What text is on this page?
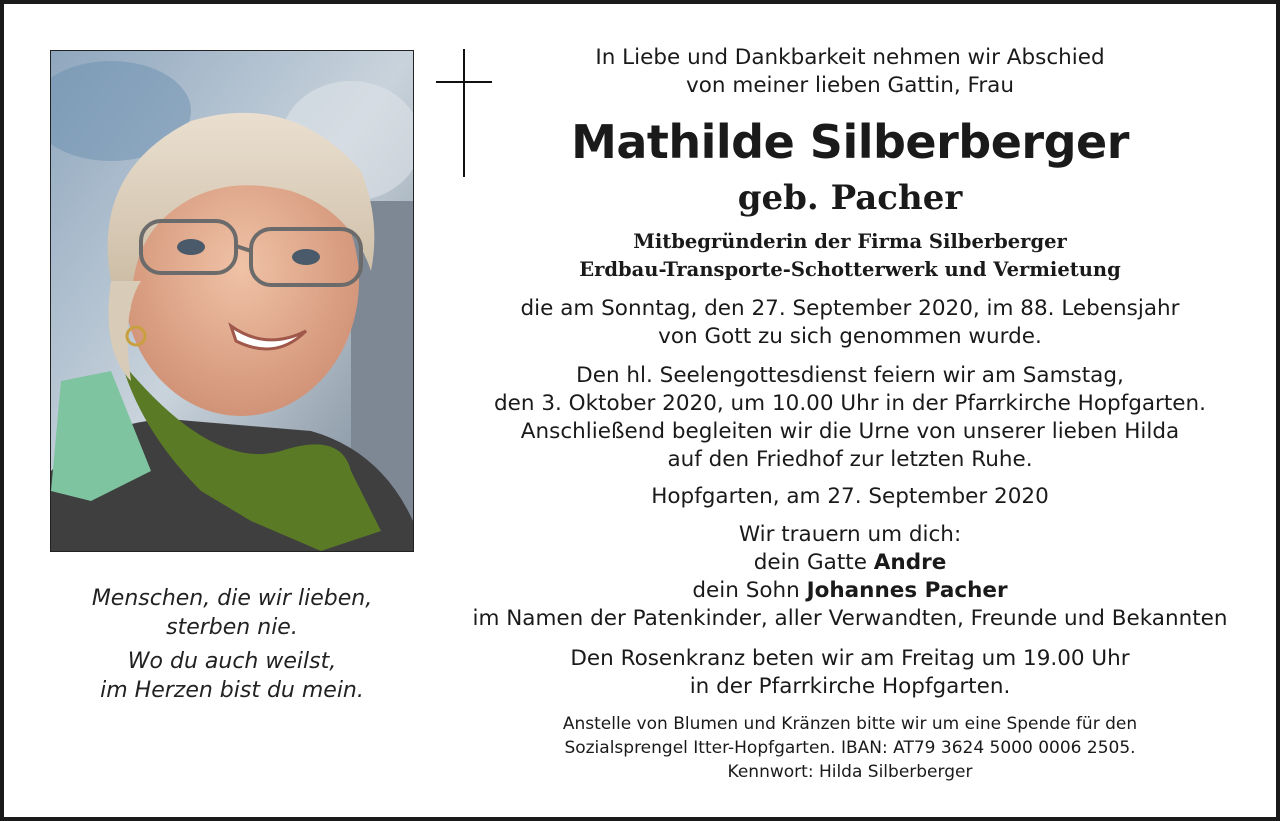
Menschen, die wir lieben,
sterben nie.
Wo du auch weilst,
im Herzen bist du mein.
In Liebe und Dankbarkeit nehmen wir Abschied
von meiner lieben Gattin, Frau
Mathilde Silberberger
geb. Pacher
Mitbegründerin der Firma Silberberger
Erdbau-Transporte-Schotterwerk und Vermietung
die am Sonntag, den 27. September 2020, im 88. Lebensjahr
von Gott zu sich genommen wurde.
Den hl. Seelengottesdienst feiern wir am Samstag,
den 3. Oktober 2020, um 10.00 Uhr in der Pfarrkirche Hopfgarten.
Anschließend begleiten wir die Urne von unserer lieben Hilda
auf den Friedhof zur letzten Ruhe.
Hopfgarten, am 27. September 2020
Wir trauern um dich:
dein Gatte Andre
dein Sohn Johannes Pacher
im Namen der Patenkinder, aller Verwandten, Freunde und Bekannten
Den Rosenkranz beten wir am Freitag um 19.00 Uhr
in der Pfarrkirche Hopfgarten.
Anstelle von Blumen und Kränzen bitte wir um eine Spende für den
Sozialsprengel Itter-Hopfgarten. IBAN: AT79 3624 5000 0006 2505.
Kennwort: Hilda Silberberger
